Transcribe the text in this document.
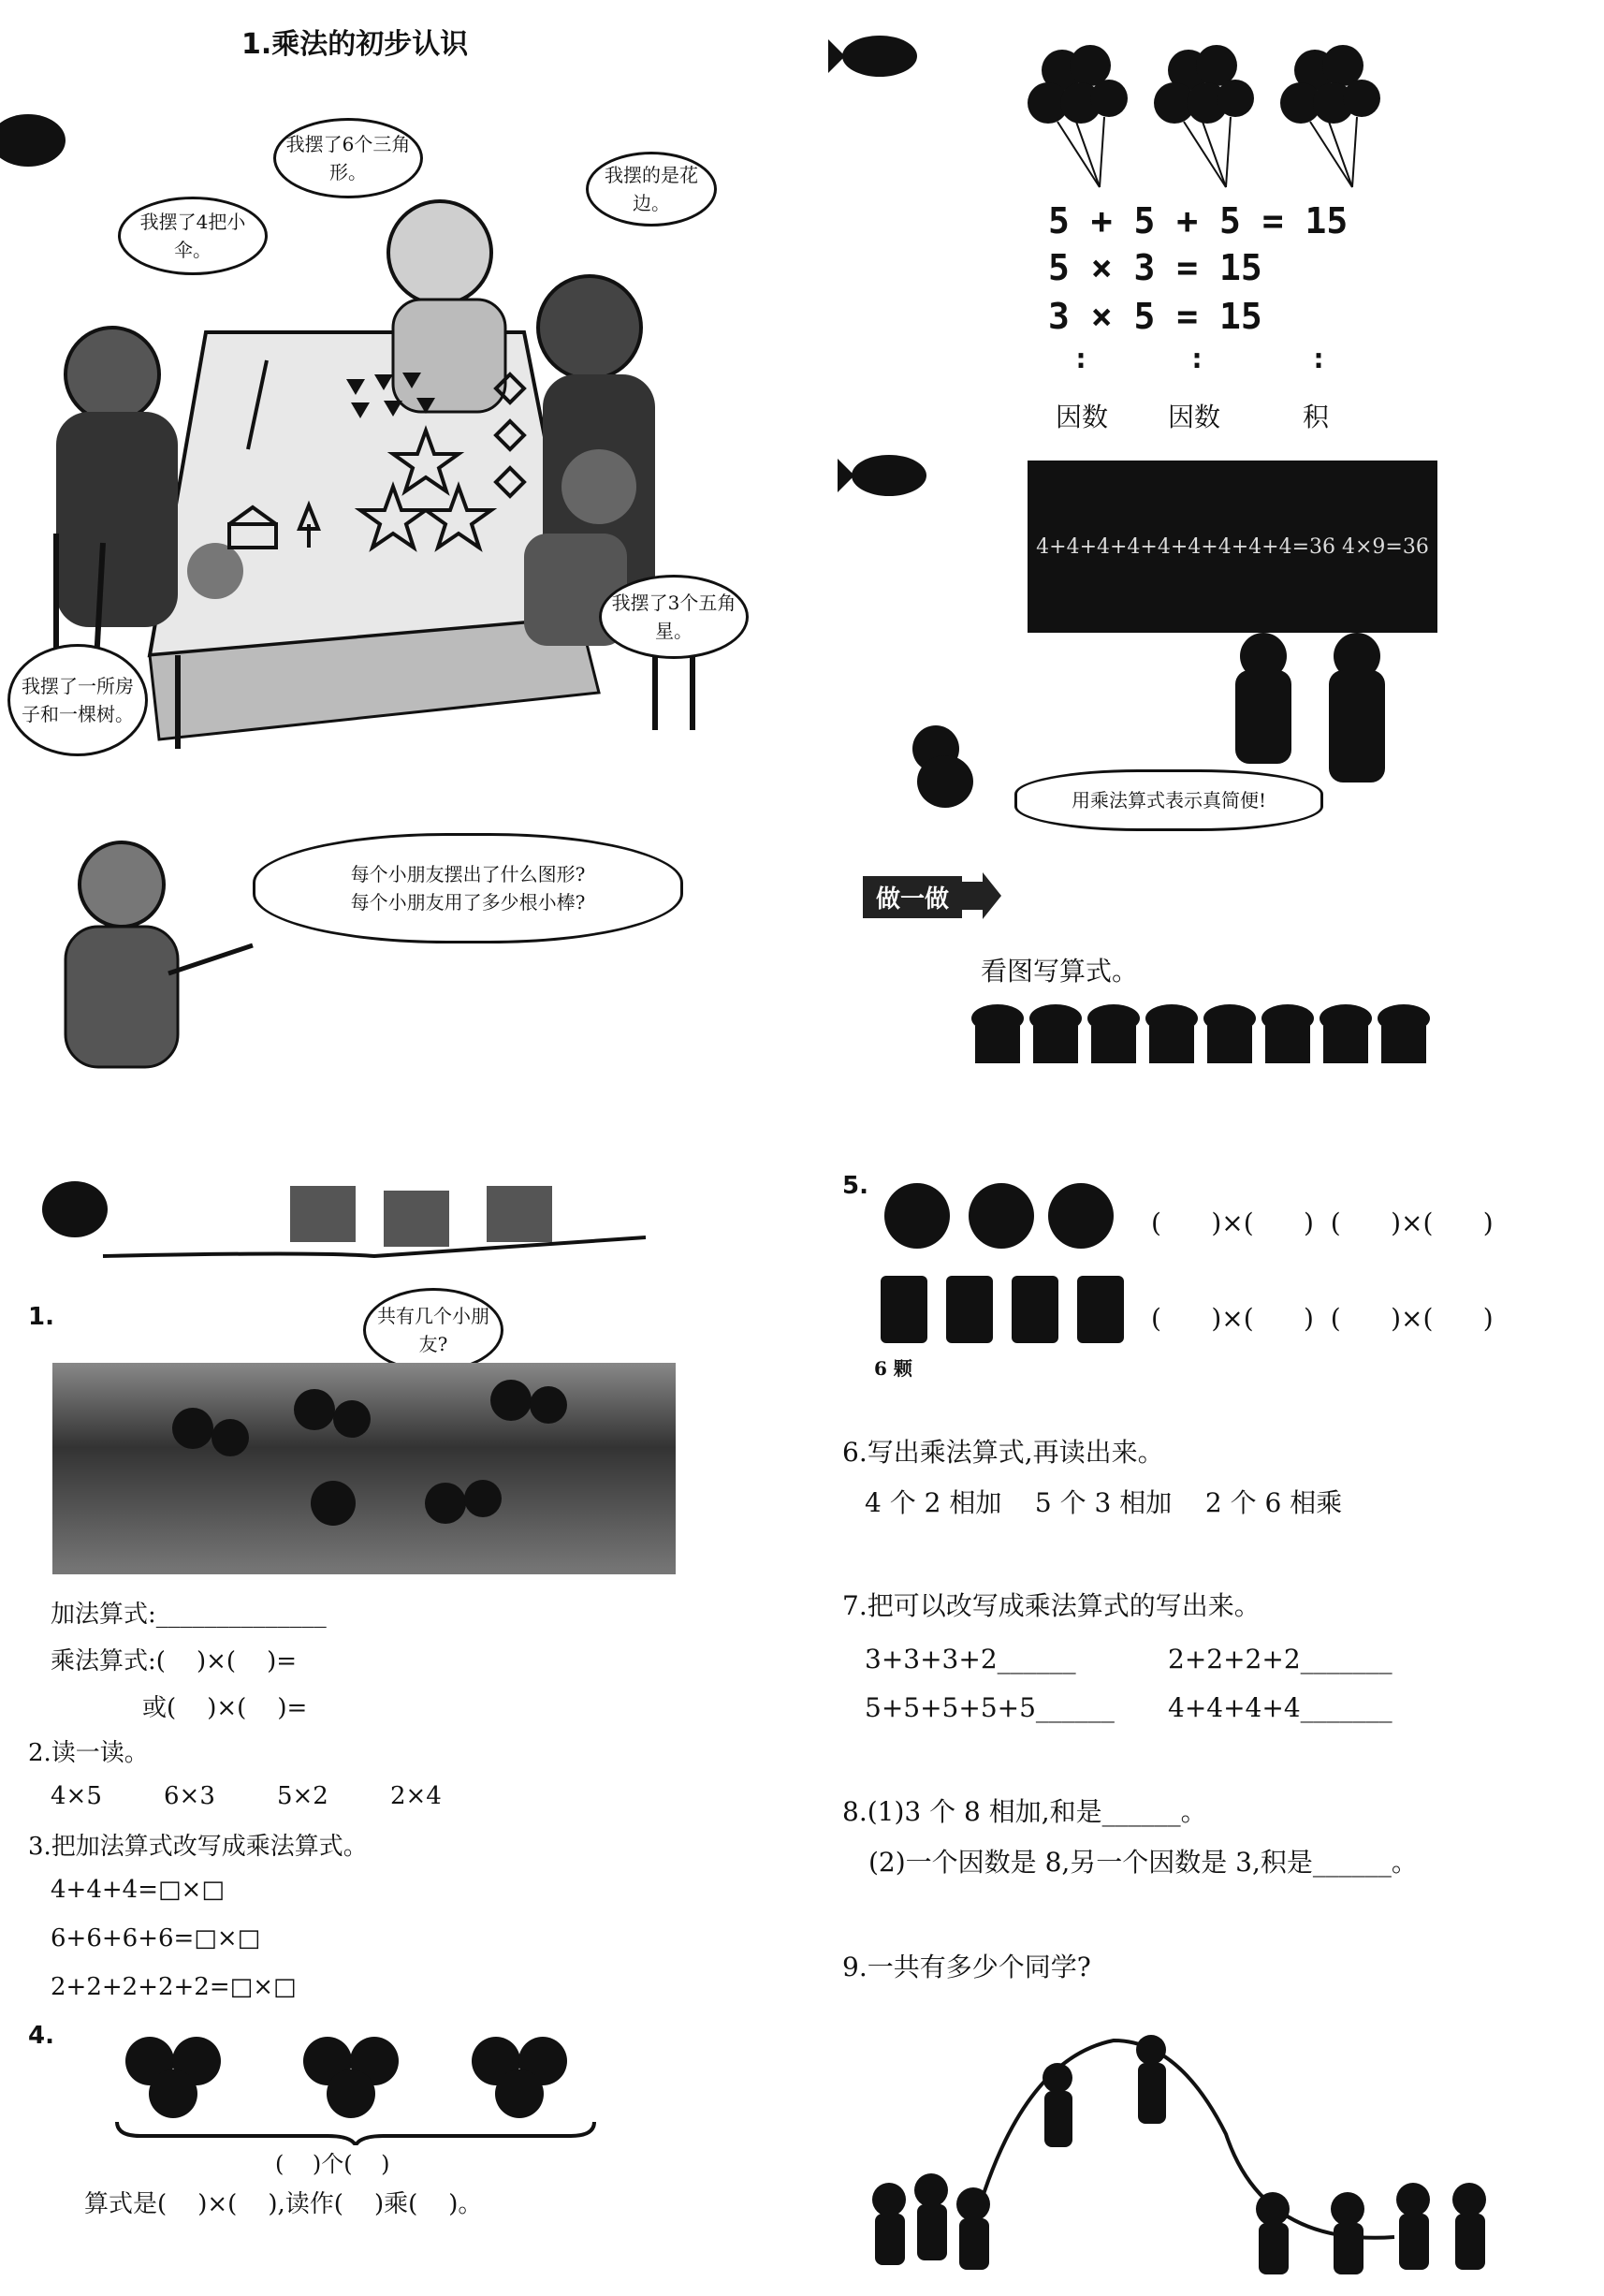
1.乘法的初步认识
我摆了6个三角形。	我摆的是花边。
我摆了4把小伞。
我摆了3个五角星。
我摆了一所房子和一棵树。
每个小朋友摆出了什么图形?
每个小朋友用了多少根小棒?
5 + 5 + 5 = 15
5 × 3 = 15
3 × 5 = 15
:	:	:
因数 因数	积
4+4+4+4+4+4+4+4+4=36 4×9=36
用乘法算式表示真简便!
做一做
看图写算式。
1.	共有几个小朋友?
加法算式:______________
乘法算式:(    )×(    )=
或(    )×(    )=
2.读一读。
4×5        6×3        5×2        2×4
3.把加法算式改写成乘法算式。
4+4+4=□×□
6+6+6+6=□×□
2+2+2+2+2=□×□
4.
(    )个(    )
算式是(    )×(    ),读作(    )乘(    )。
5.
(      )×(      )  (      )×(      )
(      )×(      )  (      )×(      )
6 颗
6.写出乘法算式,再读出来。
4 个 2 相加    5 个 3 相加    2 个 6 相乘
7.把可以改写成乘法算式的写出来。
3+3+3+2______	2+2+2+2_______
5+5+5+5+5______ 4+4+4+4_______
8.(1)3 个 8 相加,和是______。
(2)一个因数是 8,另一个因数是 3,积是______。
9.一共有多少个同学?
